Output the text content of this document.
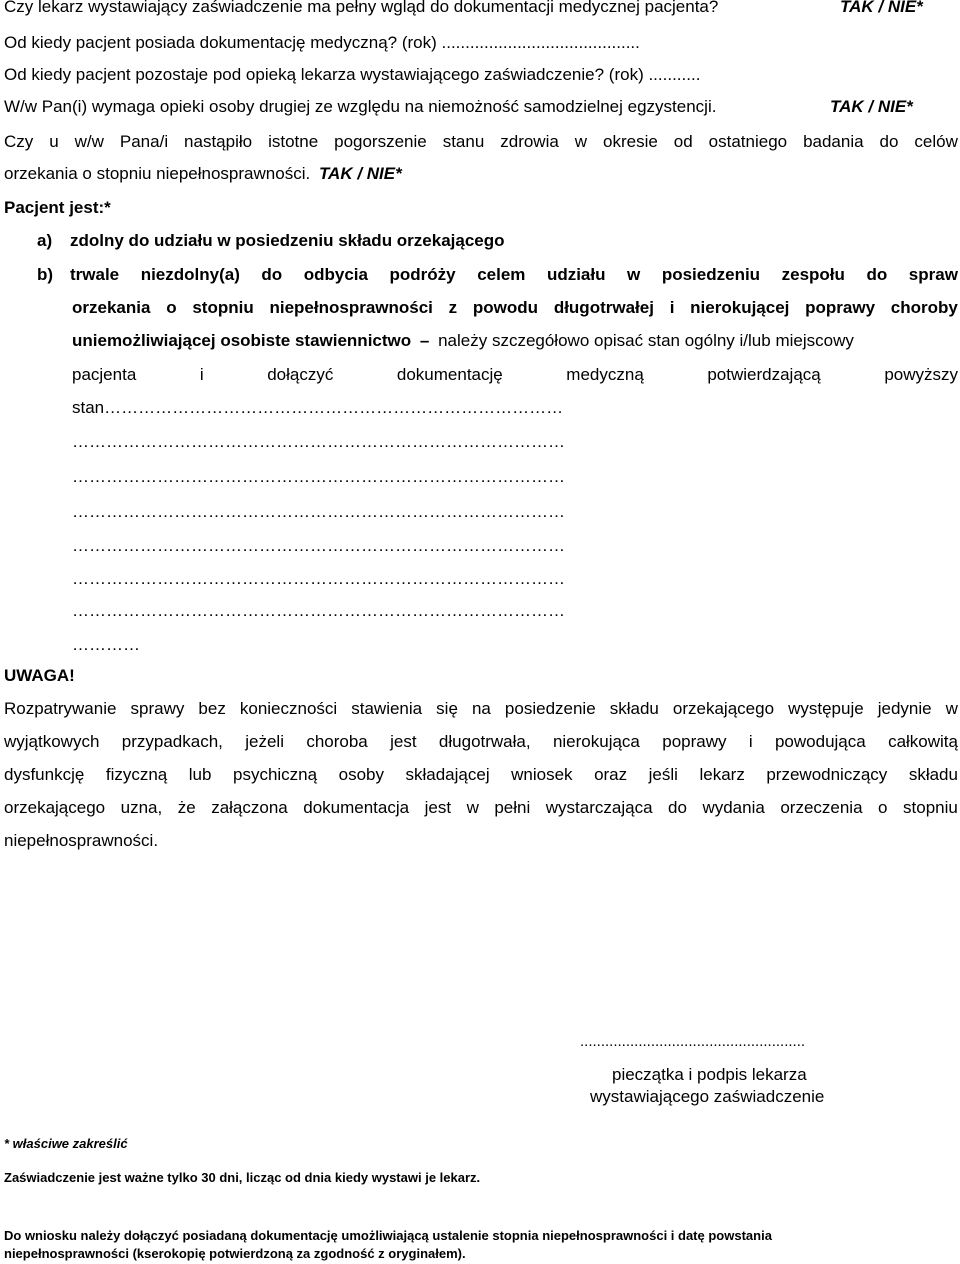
Czy lekarz wystawiający zaświadczenie ma pełny wgląd do dokumentacji medycznej pacjenta?	TAK / NIE*
Od kiedy pacjent posiada dokumentację medyczną? (rok) ..........................................
Od kiedy pacjent pozostaje pod opieką lekarza wystawiającego zaświadczenie? (rok) ...........
W/w Pan(i) wymaga opieki osoby drugiej ze względu na niemożność samodzielnej egzystencji.	TAK / NIE*
Czy u w/w Pana/i nastąpiło istotne pogorszenie stanu zdrowia w okresie od ostatniego badania do celów
orzekania o stopniu niepełnosprawności. TAK / NIE*
Pacjent jest:*
a) zdolny do udziału w posiedzeniu składu orzekającego
b) trwale niezdolny(a) do odbycia podróży celem udziału w posiedzeniu zespołu do spraw
orzekania o stopniu niepełnosprawności z powodu długotrwałej i nierokującej poprawy choroby
uniemożliwiającej osobiste stawiennictwo – należy szczegółowo opisać stan ogólny i/lub miejscowy
pacjenta	i	dołączyć	dokumentację	medyczną	potwierdzającą	powyższy
stan………………………………………………………………………
……………………………………………………………………………
……………………………………………………………………………
……………………………………………………………………………
……………………………………………………………………………
……………………………………………………………………………
……………………………………………………………………………
…………
UWAGA!
Rozpatrywanie sprawy bez konieczności stawienia się na posiedzenie składu orzekającego występuje jedynie w
wyjątkowych przypadkach, jeżeli choroba jest długotrwała, nierokująca poprawy i powodująca całkowitą
dysfunkcję fizyczną lub psychiczną osoby składającej wniosek oraz jeśli lekarz przewodniczący składu
orzekającego uzna, że załączona dokumentacja jest w pełni wystarczająca do wydania orzeczenia o stopniu
niepełnosprawności.
......................................................
pieczątka i podpis lekarza
wystawiającego zaświadczenie
* właściwe zakreślić
Zaświadczenie jest ważne tylko 30 dni, licząc od dnia kiedy wystawi je lekarz.
Do wniosku należy dołączyć posiadaną dokumentację umożliwiającą ustalenie stopnia niepełnosprawności i datę powstania
niepełnosprawności (kserokopię potwierdzoną za zgodność z oryginałem).
